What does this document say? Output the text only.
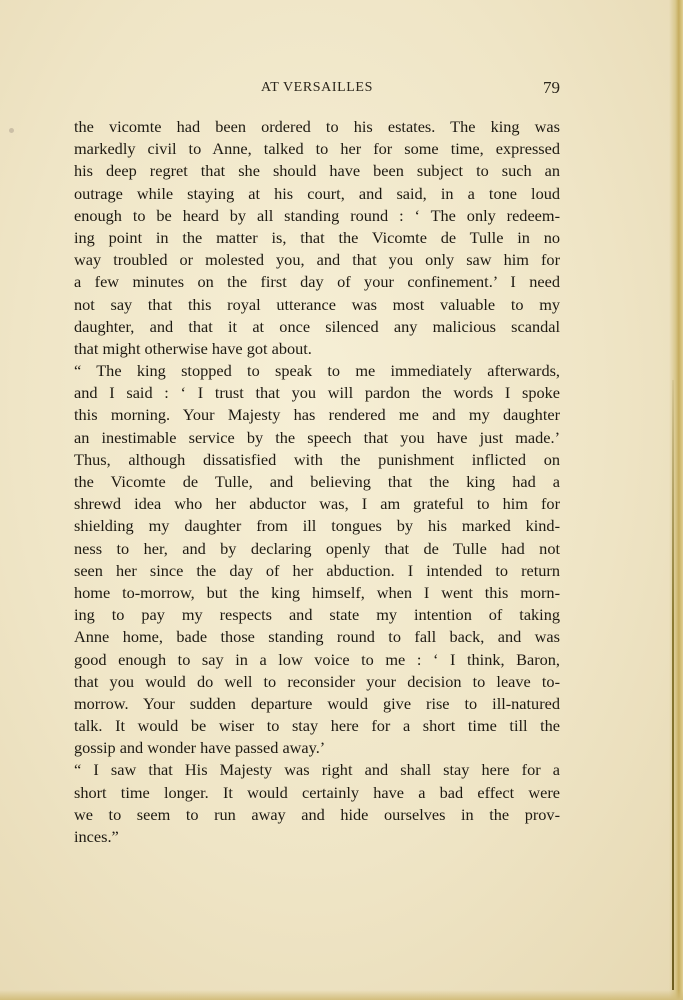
AT VERSAILLES	79
the vicomte had been ordered to his estates. The king was
markedly civil to Anne, talked to her for some time, expressed
his deep regret that she should have been subject to such an
outrage while staying at his court, and said, in a tone loud
enough to be heard by all standing round : ‘ The only redeem-
ing point in the matter is, that the Vicomte de Tulle in no
way troubled or molested you, and that you only saw him for
a few minutes on the first day of your confinement.’ I need
not say that this royal utterance was most valuable to my
daughter, and that it at once silenced any malicious scandal
that might otherwise have got about.
“ The king stopped to speak to me immediately afterwards,
and I said : ‘ I trust that you will pardon the words I spoke
this morning. Your Majesty has rendered me and my daughter
an inestimable service by the speech that you have just made.’
Thus, although dissatisfied with the punishment inflicted on
the Vicomte de Tulle, and believing that the king had a
shrewd idea who her abductor was, I am grateful to him for
shielding my daughter from ill tongues by his marked kind-
ness to her, and by declaring openly that de Tulle had not
seen her since the day of her abduction. I intended to return
home to-morrow, but the king himself, when I went this morn-
ing to pay my respects and state my intention of taking
Anne home, bade those standing round to fall back, and was
good enough to say in a low voice to me : ‘ I think, Baron,
that you would do well to reconsider your decision to leave to-
morrow. Your sudden departure would give rise to ill-natured
talk. It would be wiser to stay here for a short time till the
gossip and wonder have passed away.’
“ I saw that His Majesty was right and shall stay here for a
short time longer. It would certainly have a bad effect were
we to seem to run away and hide ourselves in the prov-
inces.”
